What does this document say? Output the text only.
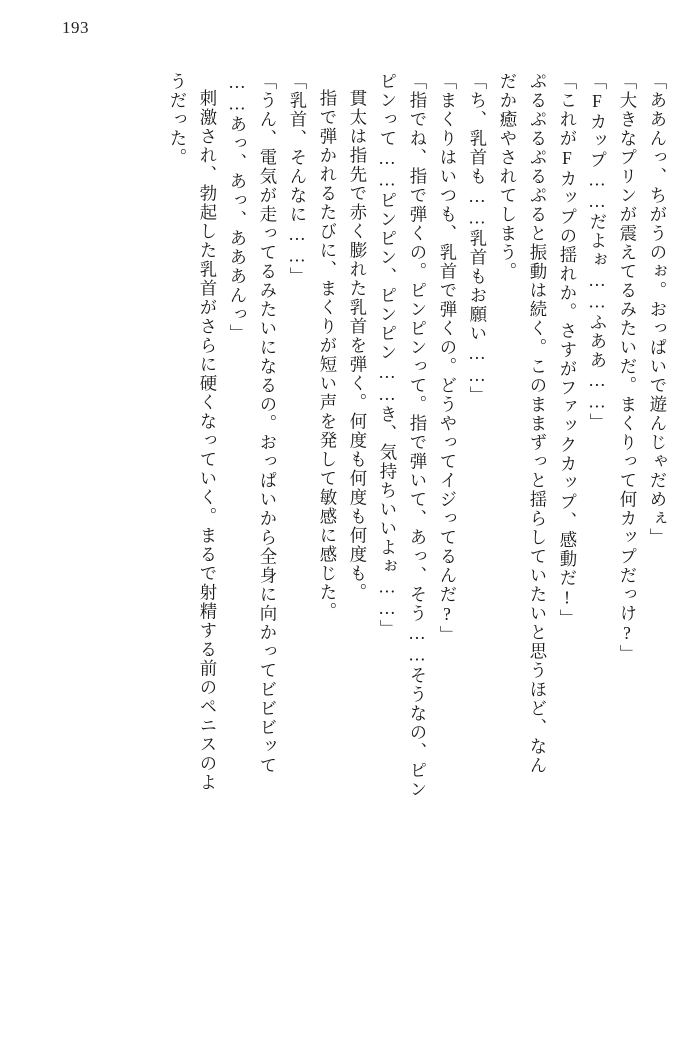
193
「ああんっ、ちがうのぉ。おっぱいで遊んじゃだめぇ」
「大きなプリンが震えてるみたいだ。まくりって何カップだっけ?」
「Fカップ……だよぉ……ふああ……」
「これがFカップの揺れか。さすがファックカップ、感動だ!」
ぷるぷるぷるぷると振動は続く。このままずっと揺らしていたいと思うほど、なん
だか癒やされてしまう。
「ち、乳首も……乳首もお願い……」
「まくりはいつも、乳首で弾くの。どうやってイジってるんだ?」
「指でね、指で弾くの。ピンピンって。指で弾いて、あっ、そう……そうなの、ピン
ピンって……ピンピン、ピンピン……き、気持ちいいよぉ……」
貫太は指先で赤く膨れた乳首を弾く。何度も何度も何度も。
指で弾かれるたびに、まくりが短い声を発して敏感に感じた。
「乳首、そんなに……」
「うん、電気が走ってるみたいになるの。おっぱいから全身に向かってビビビッて
……あっ、あっ、あああんっ」
刺激され、勃起した乳首がさらに硬くなっていく。まるで射精する前のペニスのよ
うだった。
